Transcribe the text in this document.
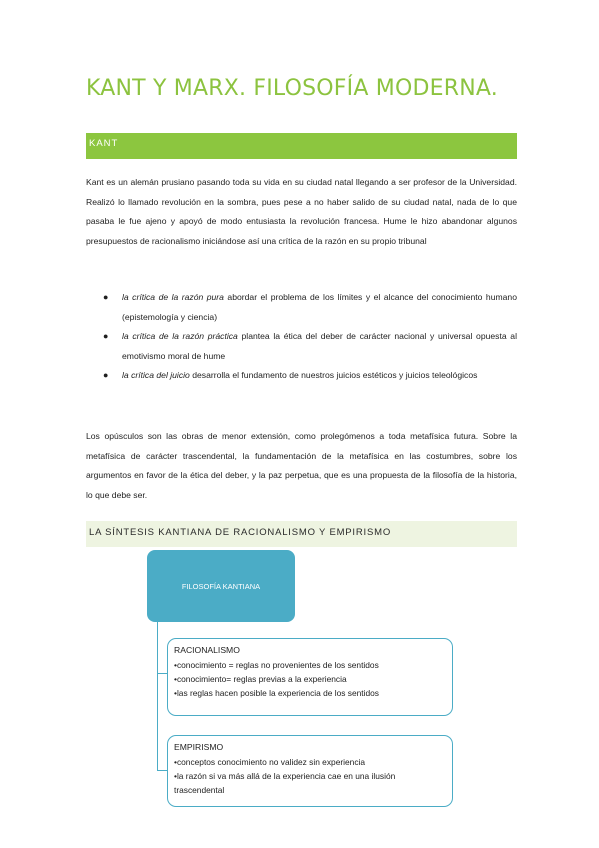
KANT Y MARX. FILOSOFÍA MODERNA.
KANT
Kant es un alemán prusiano pasando toda su vida en su ciudad natal llegando a ser profesor de la Universidad. Realizó lo llamado revolución en la sombra, pues pese a no haber salido de su ciudad natal, nada de lo que pasaba le fue ajeno y apoyó de modo entusiasta la revolución francesa. Hume le hizo abandonar algunos presupuestos de racionalismo iniciándose así una crítica de la razón en su propio tribunal
● la crítica de la razón pura abordar el problema de los límites y el alcance del conocimiento humano (epistemología y ciencia)
● la crítica de la razón práctica plantea la ética del deber de carácter nacional y universal opuesta al emotivismo moral de hume
● la crítica del juicio desarrolla el fundamento de nuestros juicios estéticos y juicios teleológicos
Los opúsculos son las obras de menor extensión, como prolegómenos a toda metafísica futura. Sobre la metafísica de carácter trascendental, la fundamentación de la metafísica en las costumbres, sobre los argumentos en favor de la ética del deber, y la paz perpetua, que es una propuesta de la filosofía de la historia, lo que debe ser.
LA SÍNTESIS KANTIANA DE RACIONALISMO Y EMPIRISMO
FILOSOFÍA KANTIANA
RACIONALISMO
•conocimiento = reglas no provenientes de los sentidos
•conocimiento= reglas previas a la experiencia
•las reglas hacen posible la experiencia de los sentidos
EMPIRISMO
•conceptos conocimiento no validez sin experiencia
•la razón si va más allá de la experiencia cae en una ilusión trascendental
